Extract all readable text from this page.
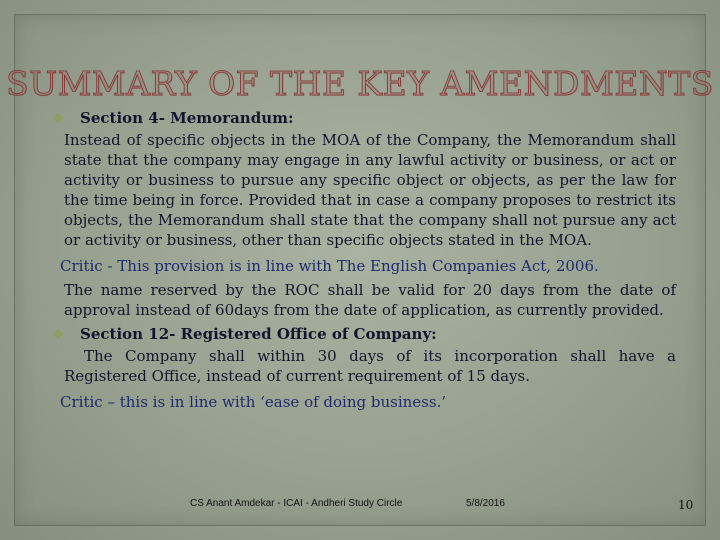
SUMMARY OF THE KEY AMENDMENTS
❖	Section 4- Memorandum:

Instead of specific objects in the MOA of the Company, the Memorandum shall state that the company may engage in any lawful activity or business, or act or activity or business to pursue any specific object or objects, as per the law for the time being in force. Provided that in case a company proposes to restrict its objects, the Memorandum shall state that the company shall not pursue any act or activity or business, other than specific objects stated in the MOA.

Critic - This provision is in line with The English Companies Act, 2006.

The name reserved by the ROC shall be valid for 20 days from the date of approval instead of 60days from the date of application, as currently provided.

❖	Section 12- Registered Office of Company:

The Company shall within 30 days of its incorporation shall have a Registered Office, instead of current requirement of 15 days.

Critic – this is in line with ‘ease of doing business.’

CS Anant Amdekar - ICAI - Andheri Study Circle	5/8/2016	10
